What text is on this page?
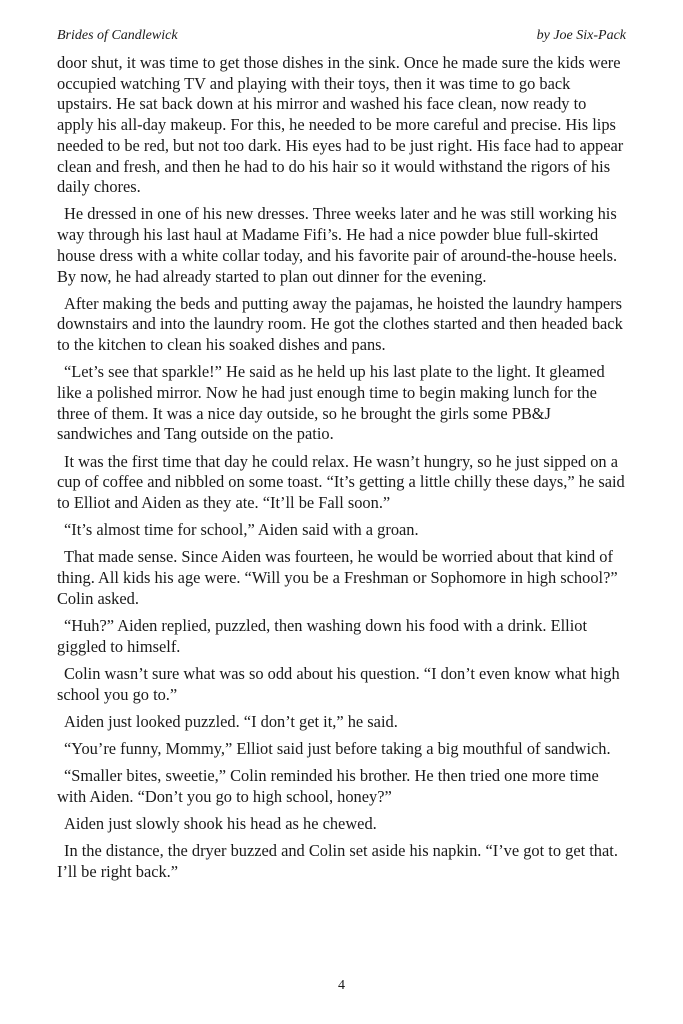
Brides of Candlewick	by Joe Six-Pack

door shut, it was time to get those dishes in the sink. Once he made sure the kids were occupied watching TV and playing with their toys, then it was time to go back upstairs. He sat back down at his mirror and washed his face clean, now ready to apply his all-day makeup. For this, he needed to be more careful and precise. His lips needed to be red, but not too dark. His eyes had to be just right. His face had to appear clean and fresh, and then he had to do his hair so it would withstand the rigors of his daily chores.

He dressed in one of his new dresses. Three weeks later and he was still working his way through his last haul at Madame Fifi’s. He had a nice powder blue full-skirted house dress with a white collar today, and his favorite pair of around-the-house heels. By now, he had already started to plan out dinner for the evening.

After making the beds and putting away the pajamas, he hoisted the laundry hampers downstairs and into the laundry room. He got the clothes started and then headed back to the kitchen to clean his soaked dishes and pans.

“Let’s see that sparkle!” He said as he held up his last plate to the light. It gleamed like a polished mirror. Now he had just enough time to begin making lunch for the three of them. It was a nice day outside, so he brought the girls some PB&J sandwiches and Tang outside on the patio.

It was the first time that day he could relax. He wasn’t hungry, so he just sipped on a cup of coffee and nibbled on some toast. “It’s getting a little chilly these days,” he said to Elliot and Aiden as they ate. “It’ll be Fall soon.”

“It’s almost time for school,” Aiden said with a groan.

That made sense. Since Aiden was fourteen, he would be worried about that kind of thing. All kids his age were. “Will you be a Freshman or Sophomore in high school?” Colin asked.

“Huh?” Aiden replied, puzzled, then washing down his food with a drink. Elliot giggled to himself.

Colin wasn’t sure what was so odd about his question. “I don’t even know what high school you go to.”

Aiden just looked puzzled. “I don’t get it,” he said.

“You’re funny, Mommy,” Elliot said just before taking a big mouthful of sandwich.

“Smaller bites, sweetie,” Colin reminded his brother. He then tried one more time with Aiden. “Don’t you go to high school, honey?”

Aiden just slowly shook his head as he chewed.

In the distance, the dryer buzzed and Colin set aside his napkin. “I’ve got to get that. I’ll be right back.”

4
